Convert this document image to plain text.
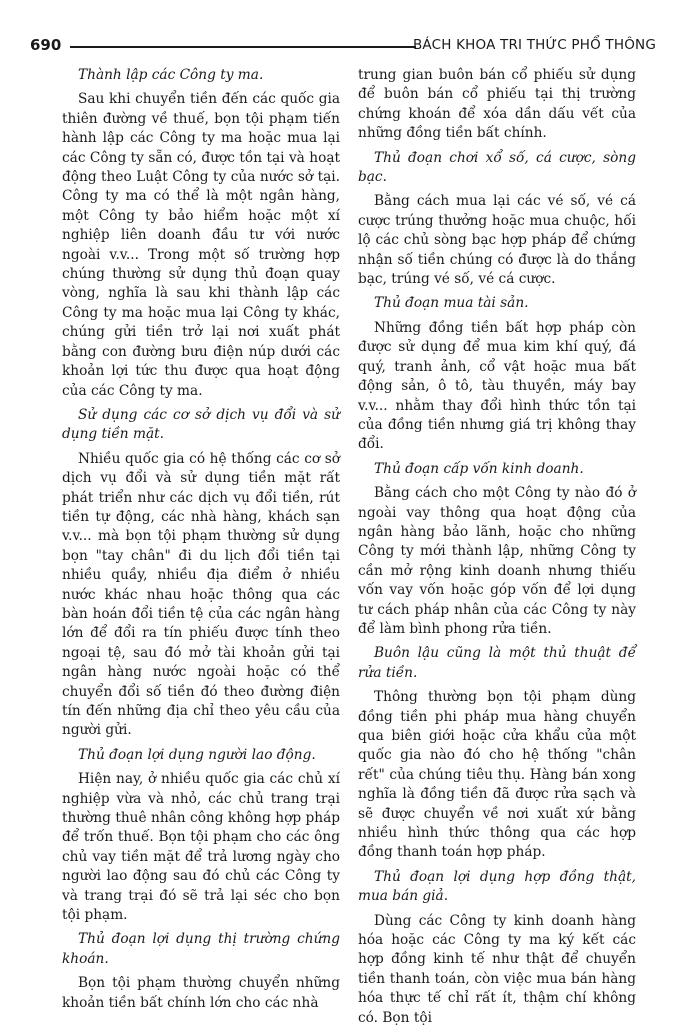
690	BÁCH KHOA TRI THỨC PHỔ THÔNG

Thành lập các Công ty ma.

Sau khi chuyển tiền đến các quốc gia thiên đường về thuế, bọn tội phạm tiến hành lập các Công ty ma hoặc mua lại các Công ty sẵn có, được tồn tại và hoạt động theo Luật Công ty của nước sở tại. Công ty ma có thể là một ngân hàng, một Công ty bảo hiểm hoặc một xí nghiệp liên doanh đầu tư với nước ngoài v.v... Trong một số trường hợp chúng thường sử dụng thủ đoạn quay vòng, nghĩa là sau khi thành lập các Công ty ma hoặc mua lại Công ty khác, chúng gửi tiền trở lại nơi xuất phát bằng con đường bưu điện núp dưới các khoản lợi tức thu được qua hoạt động của các Công ty ma.

Sử dụng các cơ sở dịch vụ đổi và sử dụng tiền mặt.

Nhiều quốc gia có hệ thống các cơ sở dịch vụ đổi và sử dụng tiền mặt rất phát triển như các dịch vụ đổi tiền, rút tiền tự động, các nhà hàng, khách sạn v.v... mà bọn tội phạm thường sử dụng bọn "tay chân" đi du lịch đổi tiền tại nhiều quầy, nhiều địa điểm ở nhiều nước khác nhau hoặc thông qua các bàn hoán đổi tiền tệ của các ngân hàng lớn để đổi ra tín phiếu được tính theo ngoại tệ, sau đó mở tài khoản gửi tại ngân hàng nước ngoài hoặc có thể chuyển đổi số tiền đó theo đường điện tín đến những địa chỉ theo yêu cầu của người gửi.

Thủ đoạn lợi dụng người lao động.

Hiện nay, ở nhiều quốc gia các chủ xí nghiệp vừa và nhỏ, các chủ trang trại thường thuê nhân công không hợp pháp để trốn thuế. Bọn tội phạm cho các ông chủ vay tiền mặt để trả lương ngày cho người lao động sau đó chủ các Công ty và trang trại đó sẽ trả lại séc cho bọn tội phạm.

Thủ đoạn lợi dụng thị trường chứng khoán.

Bọn tội phạm thường chuyển những khoản tiền bất chính lớn cho các nhà

trung gian buôn bán cổ phiếu sử dụng để buôn bán cổ phiếu tại thị trường chứng khoán để xóa dần dấu vết của những đồng tiền bất chính.

Thủ đoạn chơi xổ số, cá cược, sòng bạc.

Bằng cách mua lại các vé số, vé cá cược trúng thưởng hoặc mua chuộc, hối lộ các chủ sòng bạc hợp pháp để chứng nhận số tiền chúng có được là do thắng bạc, trúng vé số, vé cá cược.

Thủ đoạn mua tài sản.

Những đồng tiền bất hợp pháp còn được sử dụng để mua kim khí quý, đá quý, tranh ảnh, cổ vật hoặc mua bất động sản, ô tô, tàu thuyền, máy bay v.v... nhằm thay đổi hình thức tồn tại của đồng tiền nhưng giá trị không thay đổi.

Thủ đoạn cấp vốn kinh doanh.

Bằng cách cho một Công ty nào đó ở ngoài vay thông qua hoạt động của ngân hàng bảo lãnh, hoặc cho những Công ty mới thành lập, những Công ty cần mở rộng kinh doanh nhưng thiếu vốn vay vốn hoặc góp vốn để lợi dụng tư cách pháp nhân của các Công ty này để làm bình phong rửa tiền.

Buôn lậu cũng là một thủ thuật để rửa tiền.

Thông thường bọn tội phạm dùng đồng tiền phi pháp mua hàng chuyển qua biên giới hoặc cửa khẩu của một quốc gia nào đó cho hệ thống "chân rết" của chúng tiêu thụ. Hàng bán xong nghĩa là đồng tiền đã được rửa sạch và sẽ được chuyển về nơi xuất xứ bằng nhiều hình thức thông qua các hợp đồng thanh toán hợp pháp.

Thủ đoạn lợi dụng hợp đồng thật, mua bán giả.

Dùng các Công ty kinh doanh hàng hóa hoặc các Công ty ma ký kết các hợp đồng kinh tế như thật để chuyển tiền thanh toán, còn việc mua bán hàng hóa thực tế chỉ rất ít, thậm chí không có. Bọn tội
